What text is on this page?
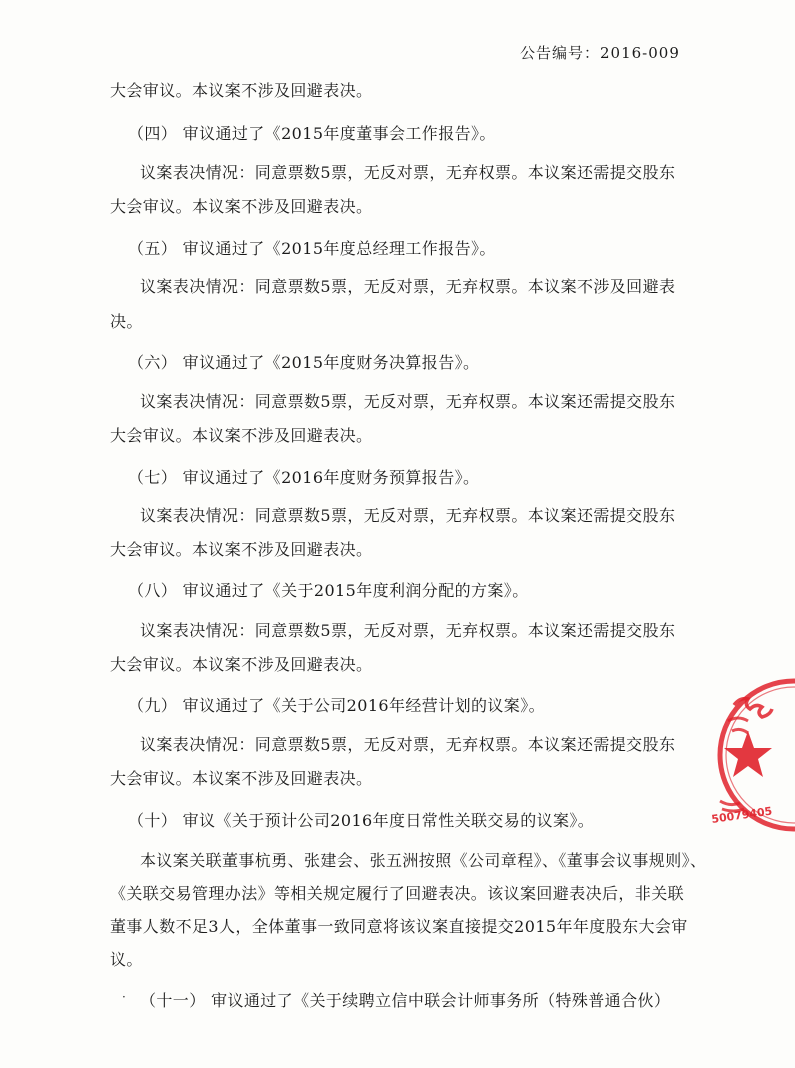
公告编号：2016-009
大会审议。本议案不涉及回避表决。
（四） 审议通过了《2015年度董事会工作报告》。
议案表决情况：同意票数5票，无反对票，无弃权票。本议案还需提交股东
大会审议。本议案不涉及回避表决。
（五） 审议通过了《2015年度总经理工作报告》。
议案表决情况：同意票数5票，无反对票，无弃权票。本议案不涉及回避表
决。
（六） 审议通过了《2015年度财务决算报告》。
议案表决情况：同意票数5票，无反对票，无弃权票。本议案还需提交股东
大会审议。本议案不涉及回避表决。
（七） 审议通过了《2016年度财务预算报告》。
议案表决情况：同意票数5票，无反对票，无弃权票。本议案还需提交股东
大会审议。本议案不涉及回避表决。
（八） 审议通过了《关于2015年度利润分配的方案》。
议案表决情况：同意票数5票，无反对票，无弃权票。本议案还需提交股东
大会审议。本议案不涉及回避表决。
（九） 审议通过了《关于公司2016年经营计划的议案》。
议案表决情况：同意票数5票，无反对票，无弃权票。本议案还需提交股东
大会审议。本议案不涉及回避表决。
（十） 审议《关于预计公司2016年度日常性关联交易的议案》。
本议案关联董事杭勇、张建会、张五洲按照《公司章程》、《董事会议事规则》、
《关联交易管理办法》等相关规定履行了回避表决。该议案回避表决后，非关联
董事人数不足3人，全体董事一致同意将该议案直接提交2015年年度股东大会审
议。
（十一） 审议通过了《关于续聘立信中联会计师事务所（特殊普通合伙）
·
50079405
